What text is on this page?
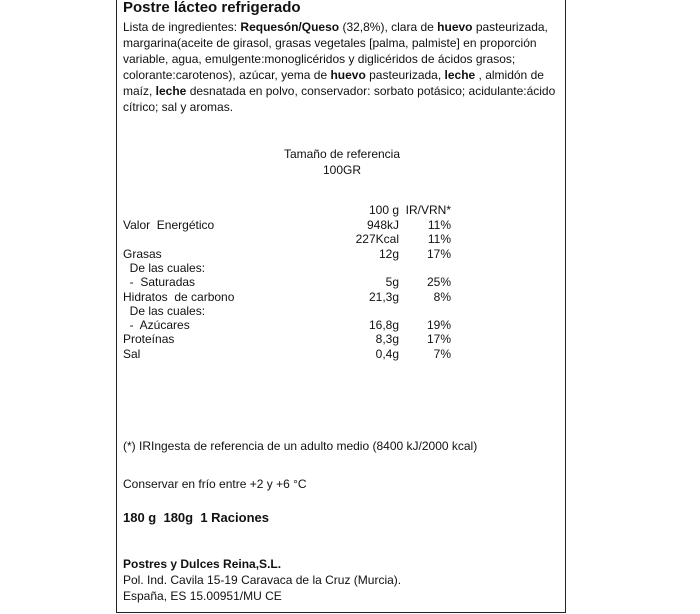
Postre lácteo refrigerado
Lista de ingredientes: Requesón/Queso (32,8%), clara de huevo pasteurizada, margarina(aceite de girasol, grasas vegetales [palma, palmiste] en proporción variable, agua, emulgente:monoglicéridos y diglicéridos de ácidos grasos; colorante:carotenos), azúcar, yema de huevo pasteurizada, leche , almidón de maíz, leche desnatada en polvo, conservador: sorbato potásico; acidulante:ácido cítrico; sal y aromas.
Tamaño de referencia
100GR
100 g IR/VRN*
Valor  Energético	948kJ 11%
227Kcal 11%
Grasas	12g 17%
De las cuales:
-  Saturadas	5g 25%
Hidratos  de carbono	21,3g	8%
De las cuales:
-  Azúcares	16,8g 19%
Proteínas	8,3g 17%
Sal	0,4g	7%
(*) IRIngesta de referencia de un adulto medio (8400 kJ/2000 kcal)
Conservar en frío entre +2 y +6 °C
180 g  180g  1 Raciones
Postres y Dulces Reina,S.L.
Pol. Ind. Cavila 15-19 Caravaca de la Cruz (Murcia).
España, ES 15.00951/MU CE
